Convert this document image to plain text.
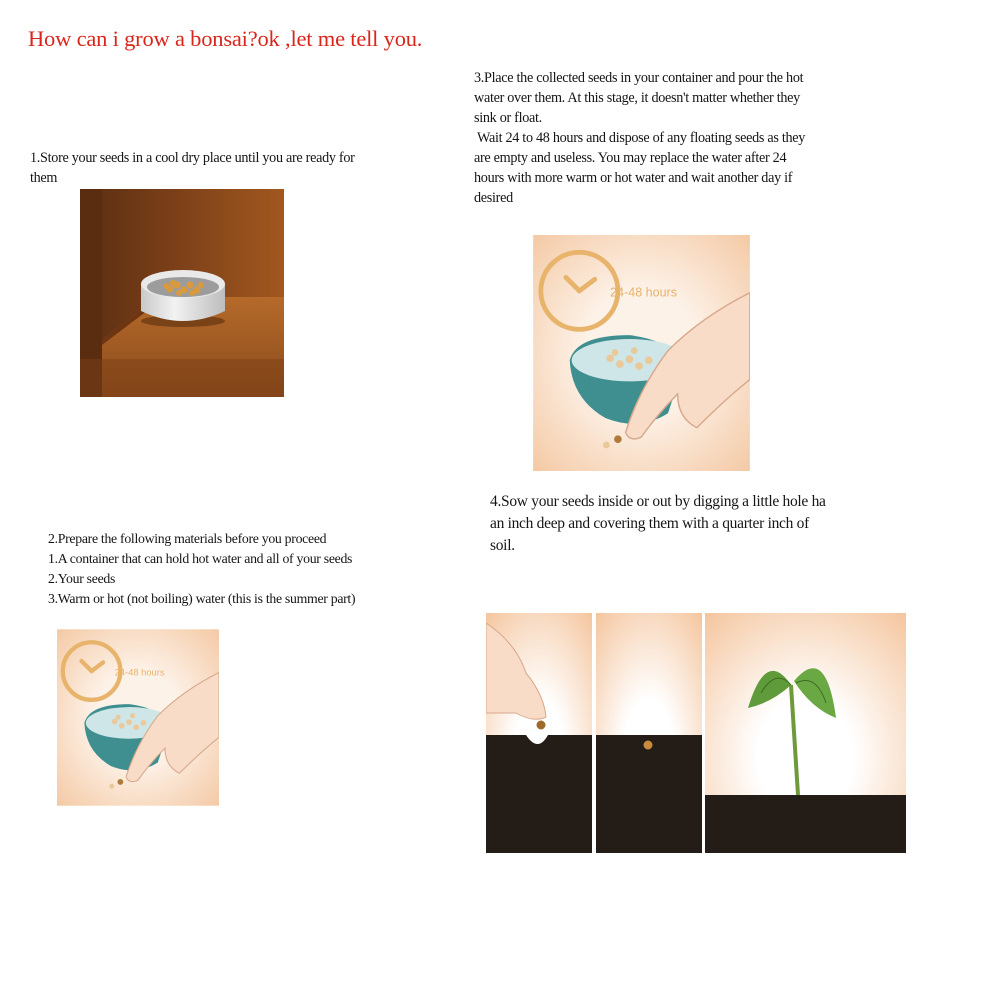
How can i grow a bonsai?ok ,let me tell you.

1.Store your seeds in a cool dry place until you are ready for

them

2.Prepare the following materials before you proceed

1.A container that can hold hot water and all of your seeds

2.Your seeds

3.Warm or hot (not boiling) water (this is the summer part)

24-48 hours

3.Place the collected seeds in your container and pour the hot

water over them. At this stage, it doesn't matter whether they

sink or float.

Wait 24 to 48 hours and dispose of any floating seeds as they

are empty and useless. You may replace the water after 24

hours with more warm or hot water and wait another day if

desired

24-48 hours

4.Sow your seeds inside or out by digging a little hole ha

an inch deep and covering them with a quarter inch of

soil.
